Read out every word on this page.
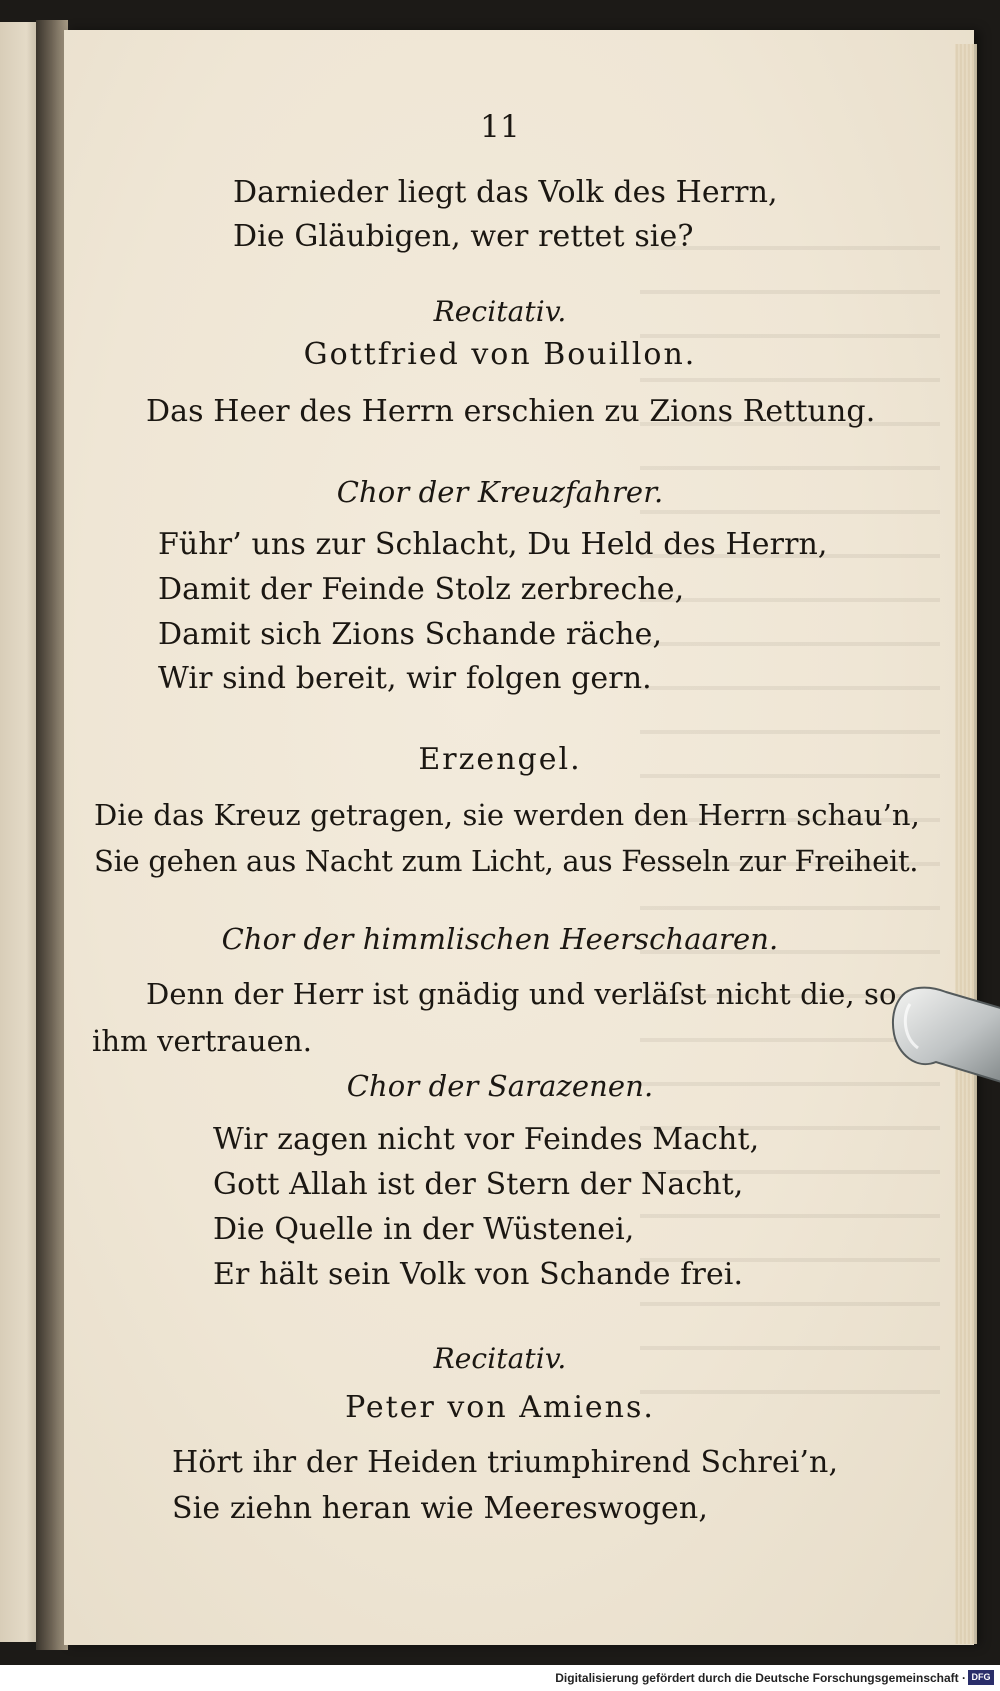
11
Darnieder liegt das Volk des Herrn,
Die Gläubigen, wer rettet sie?
Recitativ.
Gottfried von Bouillon.
Das Heer des Herrn erschien zu Zions Rettung.
Chor der Kreuzfahrer.
Führ’ uns zur Schlacht, Du Held des Herrn,
Damit der Feinde Stolz zerbreche,
Damit sich Zions Schande räche,
Wir sind bereit, wir folgen gern.
Erzengel.
Die das Kreuz getragen, sie werden den Herrn schau’n,
Sie gehen aus Nacht zum Licht, aus Fesseln zur Freiheit.
Chor der himmlischen Heerschaaren.
Denn der Herr ist gnädig und verläſst nicht die, so
ihm vertrauen.
Chor der Sarazenen.
Wir zagen nicht vor Feindes Macht,
Gott Allah ist der Stern der Nacht,
Die Quelle in der Wüstenei,
Er hält sein Volk von Schande frei.
Recitativ.
Peter von Amiens.
Hört ihr der Heiden triumphirend Schrei’n,
Sie ziehn heran wie Meereswogen,
Digitalisierung gefördert durch die Deutsche Forschungsgemeinschaft · DFG
